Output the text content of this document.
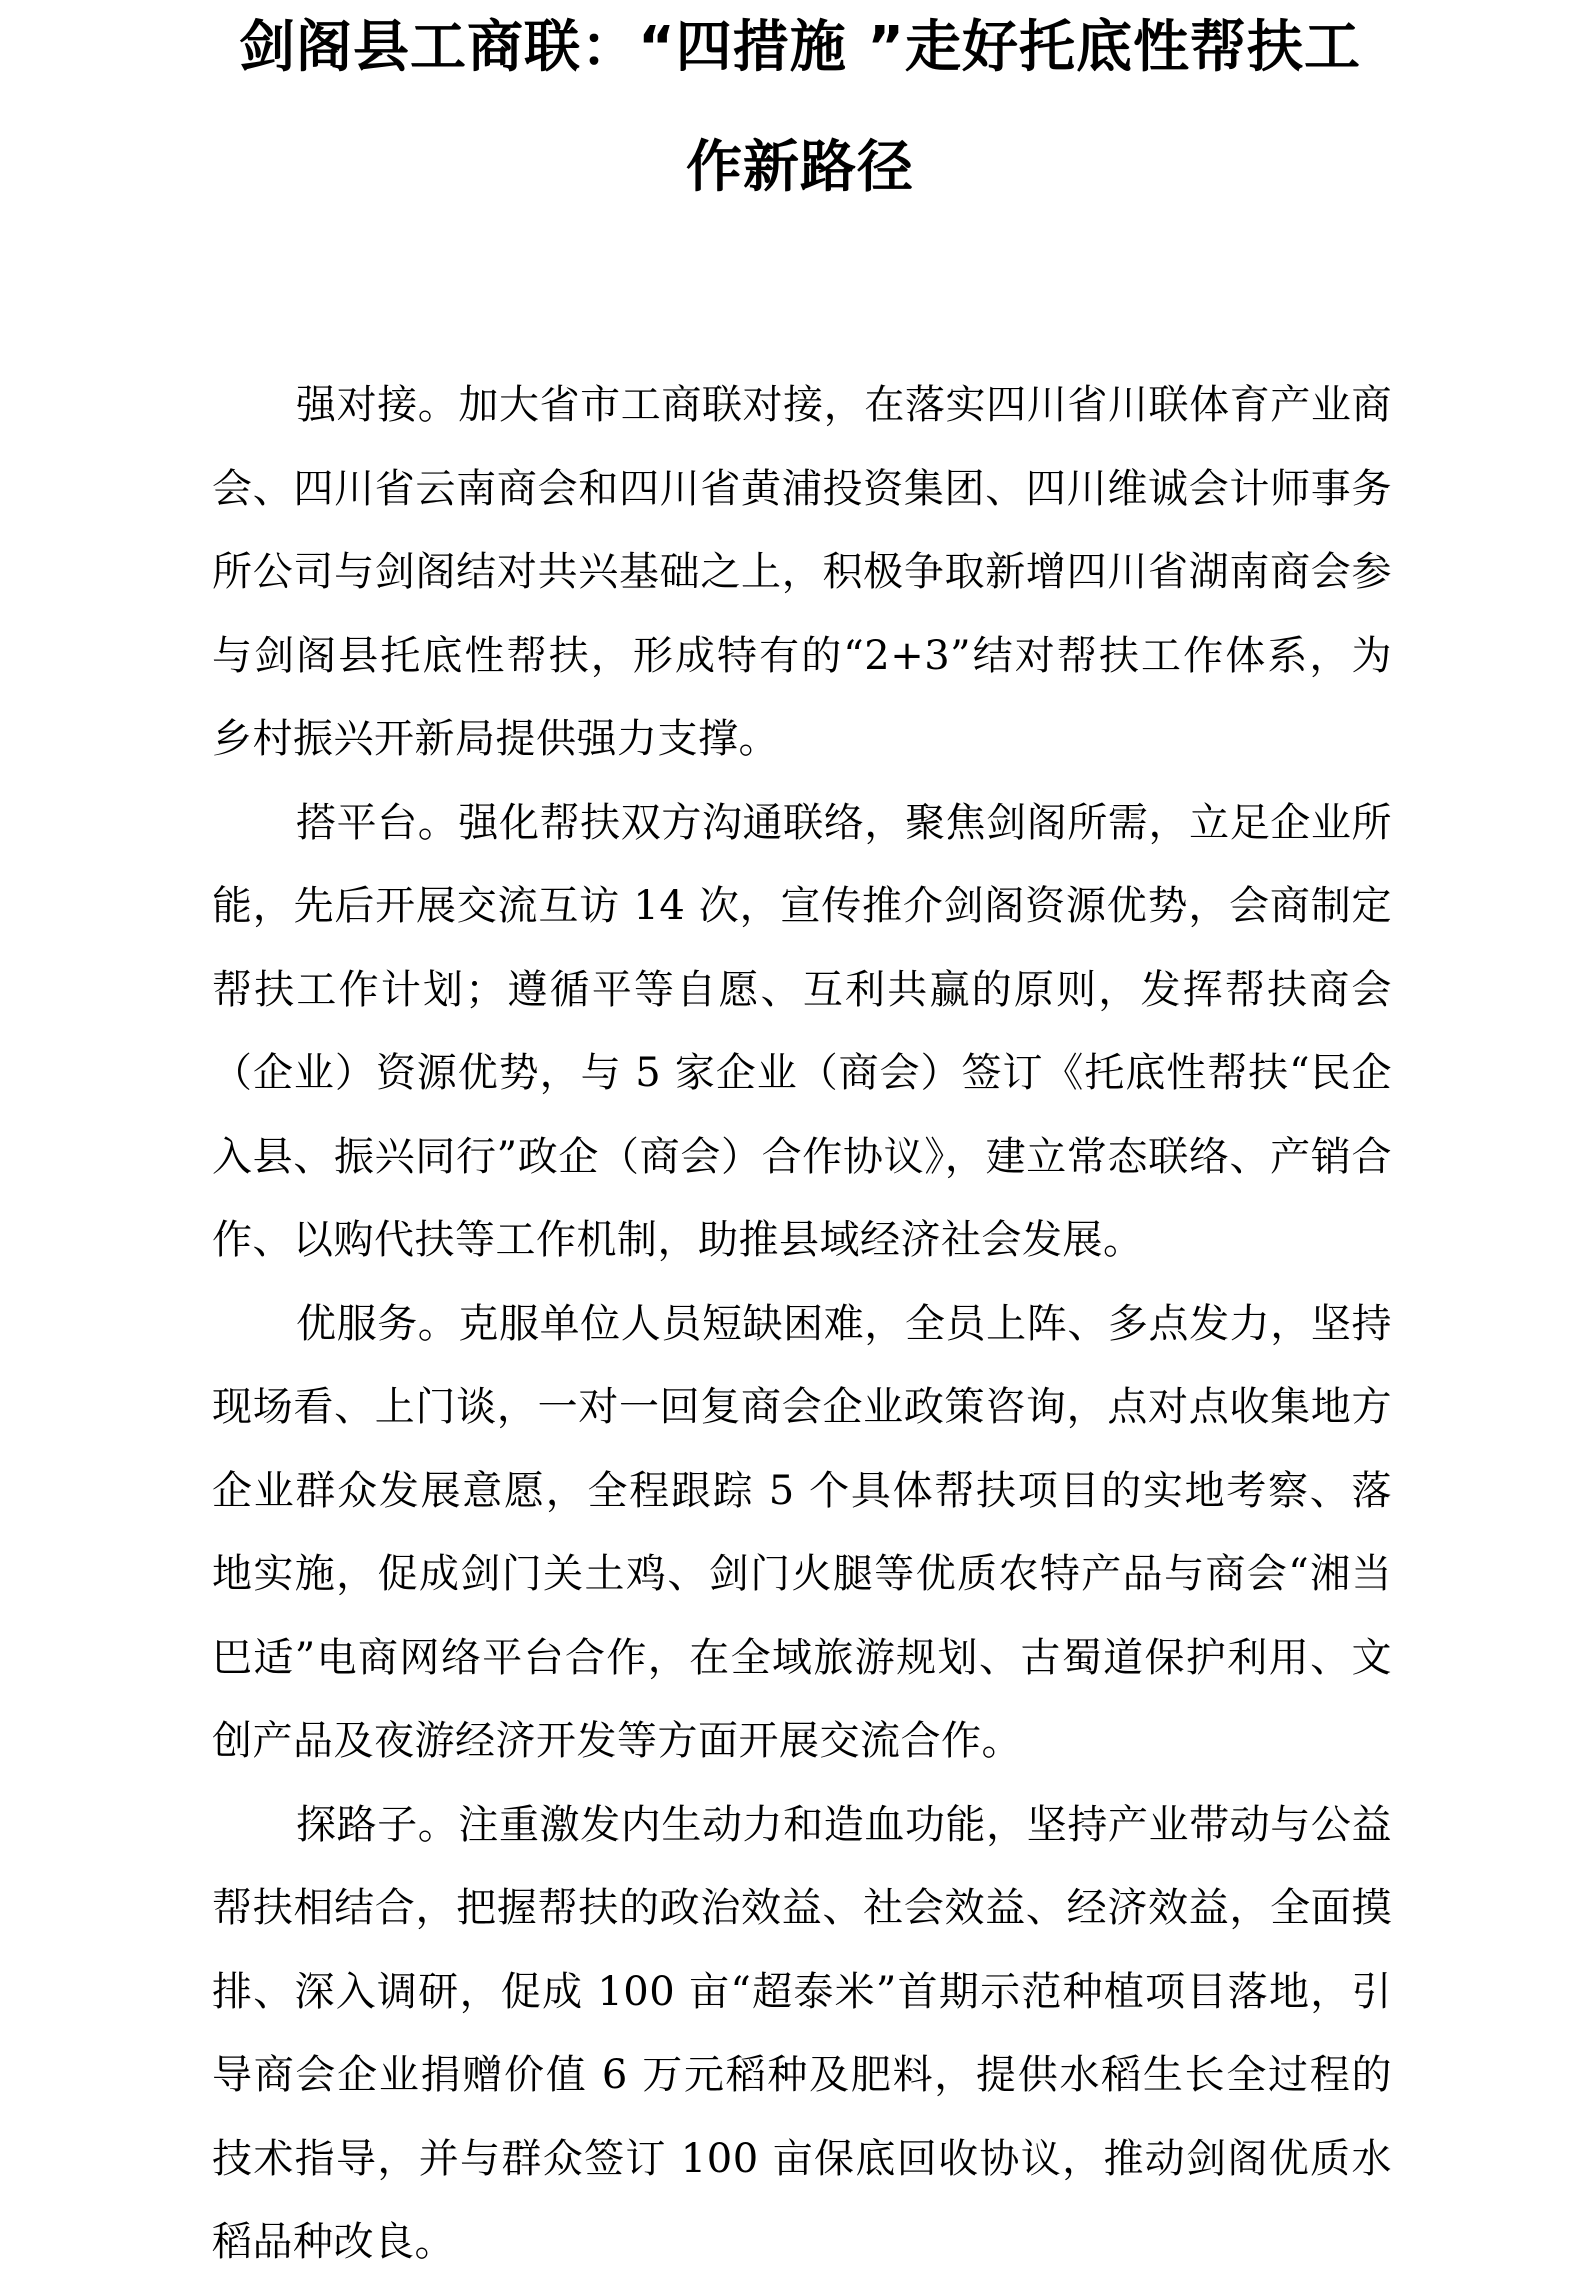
剑阁县工商联：“四措施 ”走好托底性帮扶工
作新路径

强对接。加大省市工商联对接，在落实四川省川联体育产业商会、四川省云南商会和四川省黄浦投资集团、四川维诚会计师事务所公司与剑阁结对共兴基础之上，积极争取新增四川省湖南商会参与剑阁县托底性帮扶，形成特有的“2+3”结对帮扶工作体系，为乡村振兴开新局提供强力支撑。

搭平台。强化帮扶双方沟通联络，聚焦剑阁所需，立足企业所能，先后开展交流互访 14 次，宣传推介剑阁资源优势，会商制定帮扶工作计划；遵循平等自愿、互利共赢的原则，发挥帮扶商会（企业）资源优势，与 5 家企业（商会）签订《托底性帮扶“民企入县、振兴同行”政企（商会）合作协议》，建立常态联络、产销合作、以购代扶等工作机制，助推县域经济社会发展。

优服务。克服单位人员短缺困难，全员上阵、多点发力，坚持现场看、上门谈，一对一回复商会企业政策咨询，点对点收集地方企业群众发展意愿，全程跟踪 5 个具体帮扶项目的实地考察、落地实施，促成剑门关土鸡、剑门火腿等优质农特产品与商会“湘当巴适”电商网络平台合作，在全域旅游规划、古蜀道保护利用、文创产品及夜游经济开发等方面开展交流合作。

探路子。注重激发内生动力和造血功能，坚持产业带动与公益帮扶相结合，把握帮扶的政治效益、社会效益、经济效益，全面摸排、深入调研，促成 100 亩“超泰米”首期示范种植项目落地，引导商会企业捐赠价值 6 万元稻种及肥料，提供水稻生长全过程的技术指导，并与群众签订 100 亩保底回收协议，推动剑阁优质水稻品种改良。
